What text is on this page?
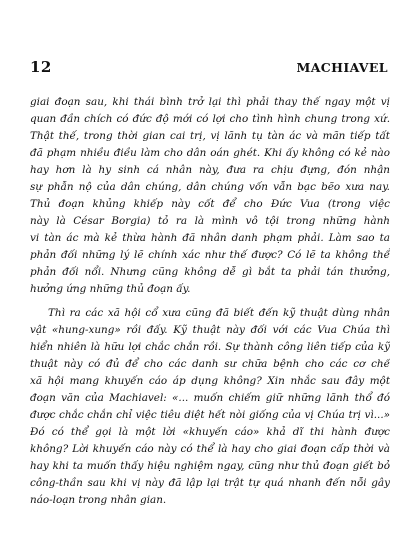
12	MACHIAVEL
giai đoạn sau, khi thái bình trở lại thì phải thay thế ngay một vị
quan đần chích có đức độ mới có lợi cho tình hình chung trong xứ.
Thật thế, trong thời gian cai trị, vị lãnh tụ tàn ác và mãn tiếp tất
đã phạm nhiều điều làm cho dân oán ghét. Khi ấy không có kẻ nào
hay hơn là hy sinh cá nhân này, đưa ra chịu đựng, đón nhận
sự phẫn nộ của dân chúng, dân chúng vốn vẫn bạc bẽo xưa nay.
Thủ đoạn khủng khiếp này cốt để cho Đức Vua (trong việc
này là César Borgia) tỏ ra là mình vô tội trong những hành
vi tàn ác mà kẻ thừa hành đã nhân danh phạm phải. Làm sao ta
phản đối những lý lẽ chính xác như thế được? Có lẽ ta không thể
phản đối nổi. Nhưng cũng không dễ gì bắt ta phải tán thưởng,
hưởng ứng những thủ đoạn ấy.
Thì ra các xã hội cổ xưa cũng đã biết đến kỹ thuật dùng nhân
vật «hung-xung» rồi đấy. Kỹ thuật này đối với các Vua Chúa thì
hiển nhiên là hữu lợi chắc chắn rồi. Sự thành công liên tiếp của kỹ
thuật này có đủ để cho các danh sư chữa bệnh cho các cơ chế
xã hội mang khuyến cáo áp dụng không? Xin nhắc sau đây một
đoạn văn của Machiavel: «... muốn chiếm giữ những lãnh thổ đó
được chắc chắn chỉ việc tiêu diệt hết nòi giống của vị Chúa trị vì...»
Đó có thể gọi là một lời «khuyến cáo» khả dĩ thi hành được
không? Lời khuyến cáo này có thể là hay cho giai đoạn cấp thời và
hay khi ta muốn thấy hiệu nghiệm ngay, cũng như thủ đoạn giết bỏ
công-thần sau khi vị này đã lập lại trật tự quá nhanh đến nỗi gây
náo-loạn trong nhân gian.
